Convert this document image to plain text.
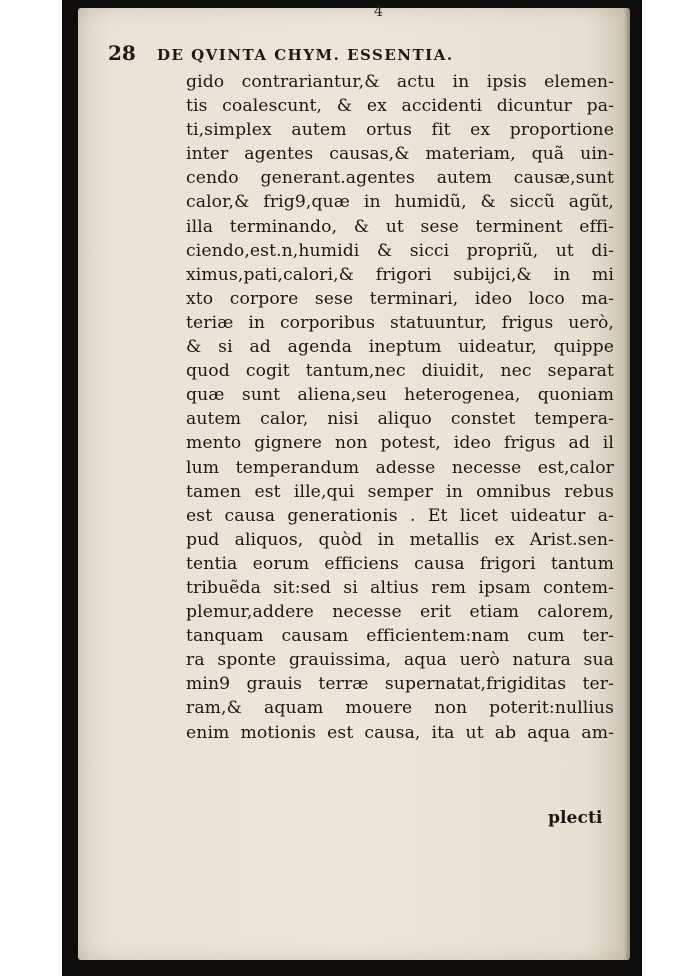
4
28 DE QVINTA CHYM. ESSENTIA.
gido contrariantur,& actu in ipsis elemen-
tis coalescunt, & ex accidenti dicuntur pa-
ti,simplex autem ortus fit ex proportione
inter agentes causas,& materiam, quã uin-
cendo generant.agentes autem causæ,sunt
calor,& frig9,quæ in humidũ, & siccũ agũt,
illa terminando, & ut sese terminent effi-
ciendo,est.n,humidi & sicci propriũ, ut di-
ximus,pati,calori,& frigori subijci,& in mi
xto corpore sese terminari, ideo loco ma-
teriæ in corporibus statuuntur, frigus uerò,
& si ad agenda ineptum uideatur, quippe
quod cogit tantum,nec diuidit, nec separat
quæ sunt aliena,seu heterogenea, quoniam
autem calor, nisi aliquo constet tempera-
mento gignere non potest, ideo frigus ad il
lum temperandum adesse necesse est,calor
tamen est ille,qui semper in omnibus rebus
est causa generationis . Et licet uideatur a-
pud aliquos, quòd in metallis ex Arist.sen-
tentia eorum efficiens causa frigori tantum
tribuẽda sit:sed si altius rem ipsam contem-
plemur,addere necesse erit etiam calorem,
tanquam causam efficientem:nam cum ter-
ra sponte grauissima, aqua uerò natura sua
min9 grauis terræ supernatat,frigiditas ter-
ram,& aquam mouere non poterit:nullius
enim motionis est causa, ita ut ab aqua am-
plecti
